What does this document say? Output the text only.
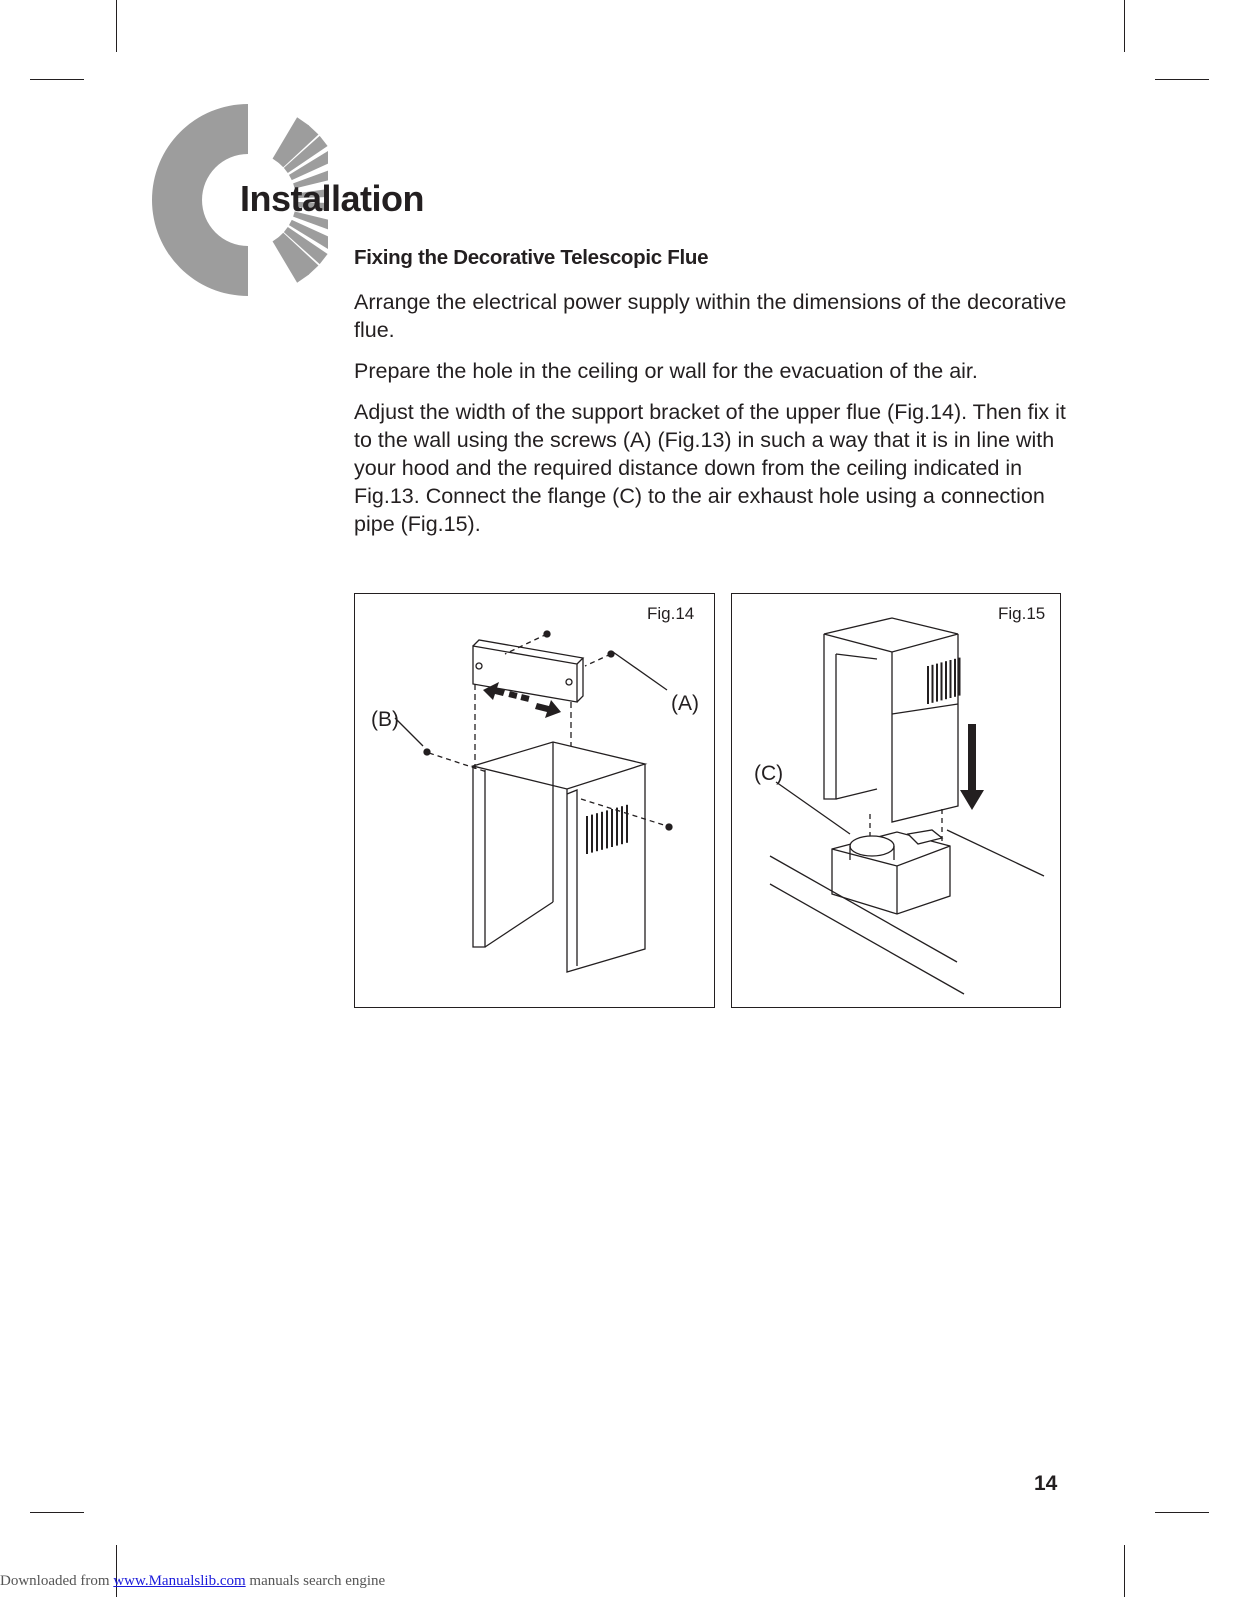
Installation
Fixing the Decorative Telescopic Flue

Arrange the electrical power supply within the dimensions of the decorative flue.

Prepare the hole in the ceiling or wall for the evacuation of the air.

Adjust the width of the support bracket of the upper flue (Fig.14). Then fix it to the wall using the screws (A) (Fig.13) in such a way that it is in line with your hood and the required distance down from the ceiling indicated in Fig.13. Connect the flange (C) to the air exhaust hole using a connection pipe (Fig.15).

Fig.14
(A)
(B)
Fig.15
(C)
14
Downloaded from www.Manualslib.com manuals search engine
